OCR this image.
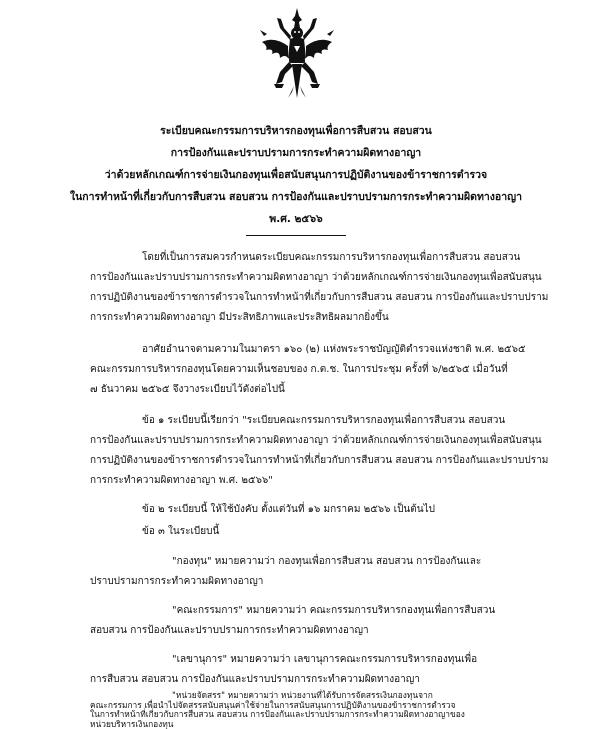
ระเบียบคณะกรรมการบริหารกองทุนเพื่อการสืบสวน สอบสวน
การป้องกันและปราบปรามการกระทำความผิดทางอาญา
ว่าด้วยหลักเกณฑ์การจ่ายเงินกองทุนเพื่อสนับสนุนการปฏิบัติงานของข้าราชการตำรวจ
ในการทำหน้าที่เกี่ยวกับการสืบสวน สอบสวน การป้องกันและปราบปรามการกระทำความผิดทางอาญา
พ.ศ. ๒๕๖๖
โดยที่เป็นการสมควรกำหนดระเบียบคณะกรรมการบริหารกองทุนเพื่อการสืบสวน สอบสวน
การป้องกันและปราบปรามการกระทำความผิดทางอาญา ว่าด้วยหลักเกณฑ์การจ่ายเงินกองทุนเพื่อสนับสนุน
การปฏิบัติงานของข้าราชการตำรวจในการทำหน้าที่เกี่ยวกับการสืบสวน สอบสวน การป้องกันและปราบปราม
การกระทำความผิดทางอาญา มีประสิทธิภาพและประสิทธิผลมากยิ่งขึ้น
อาศัยอำนาจตามความในมาตรา ๑๖๐ (๒) แห่งพระราชบัญญัติตำรวจแห่งชาติ พ.ศ. ๒๕๖๕
คณะกรรมการบริหารกองทุนโดยความเห็นชอบของ ก.ต.ช. ในการประชุม ครั้งที่ ๖/๒๕๖๕ เมื่อวันที่
๗ ธันวาคม ๒๕๖๕ จึงวางระเบียบไว้ดังต่อไปนี้
ข้อ ๑ ระเบียบนี้เรียกว่า "ระเบียบคณะกรรมการบริหารกองทุนเพื่อการสืบสวน สอบสวน
การป้องกันและปราบปรามการกระทำความผิดทางอาญา ว่าด้วยหลักเกณฑ์การจ่ายเงินกองทุนเพื่อสนับสนุน
การปฏิบัติงานของข้าราชการตำรวจในการทำหน้าที่เกี่ยวกับการสืบสวน สอบสวน การป้องกันและปราบปราม
การกระทำความผิดทางอาญา พ.ศ. ๒๕๖๖"
ข้อ ๒ ระเบียบนี้ ให้ใช้บังคับ ตั้งแต่วันที่ ๑๖ มกราคม ๒๕๖๖ เป็นต้นไป
ข้อ ๓ ในระเบียบนี้
"กองทุน" หมายความว่า กองทุนเพื่อการสืบสวน สอบสวน การป้องกันและ
ปราบปรามการกระทำความผิดทางอาญา
"คณะกรรมการ" หมายความว่า คณะกรรมการบริหารกองทุนเพื่อการสืบสวน
สอบสวน การป้องกันและปราบปรามการกระทำความผิดทางอาญา
"เลขานุการ" หมายความว่า เลขานุการคณะกรรมการบริหารกองทุนเพื่อ
การสืบสวน สอบสวน การป้องกันและปราบปรามการกระทำความผิดทางอาญา
"หน่วยจัดสรร" หมายความว่า หน่วยงานที่ได้รับการจัดสรรเงินกองทุนจาก
คณะกรรมการ เพื่อนำไปจัดสรรสนับสนุนค่าใช้จ่ายในการสนับสนุนการปฏิบัติงานของข้าราชการตำรวจ
ในการทำหน้าที่เกี่ยวกับการสืบสวน สอบสวน การป้องกันและปราบปรามการกระทำความผิดทางอาญาของ
หน่วยบริหารเงินกองทุน
